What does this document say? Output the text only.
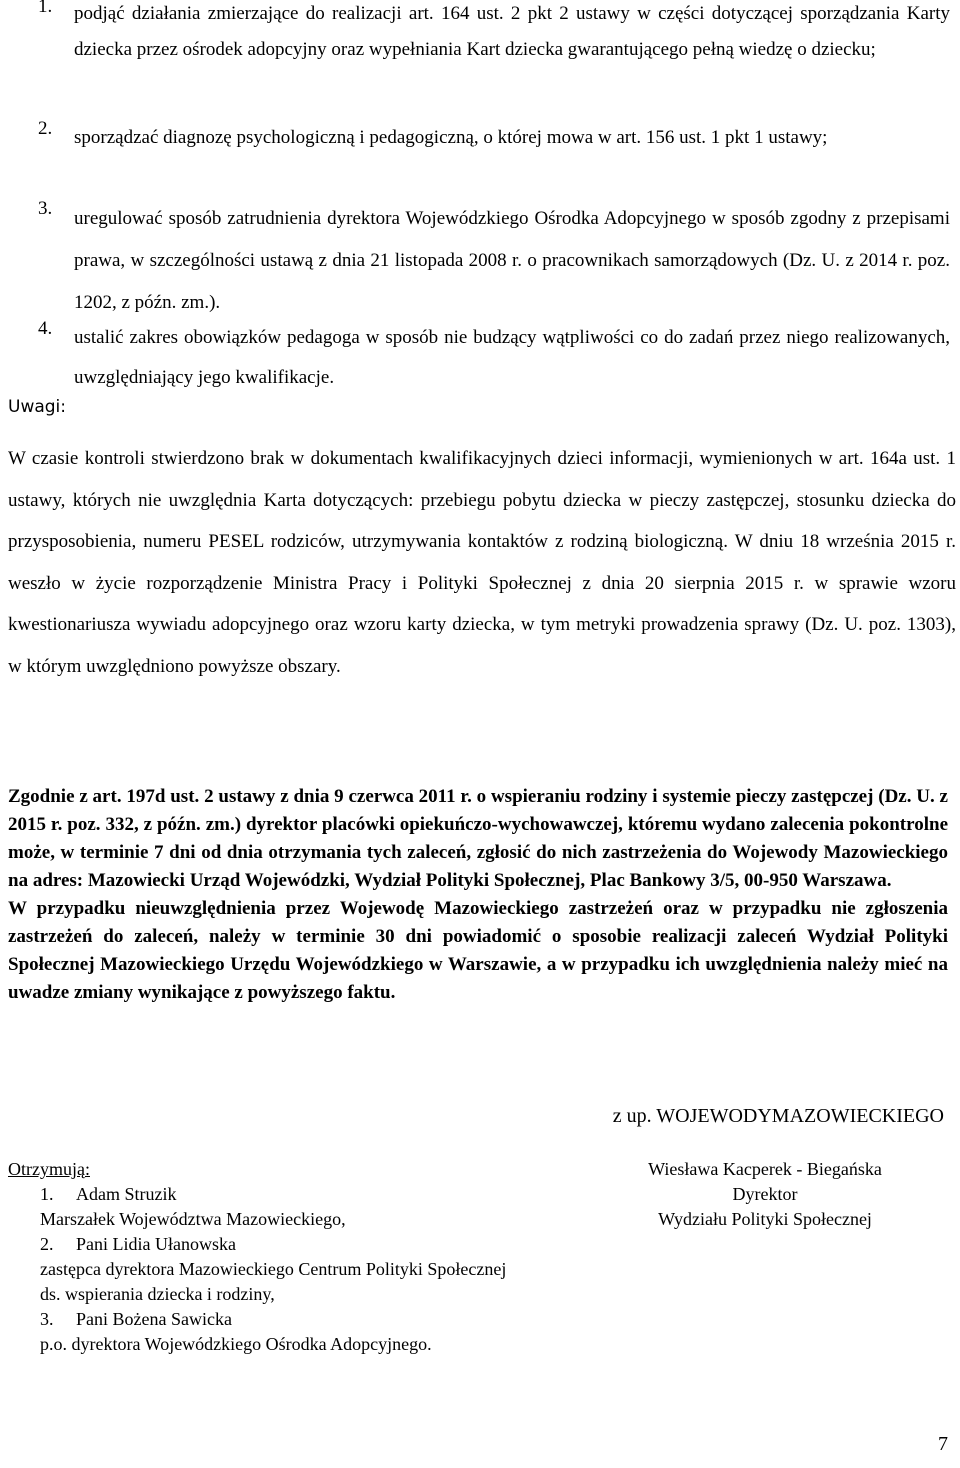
1.	podjąć działania zmierzające do realizacji art. 164 ust. 2 pkt 2 ustawy w części dotyczącej sporządzania Karty dziecka przez ośrodek adopcyjny oraz wypełniania Kart dziecka gwarantującego pełną wiedzę o dziecku;
2.	sporządzać diagnozę psychologiczną i pedagogiczną, o której mowa w art. 156 ust. 1 pkt 1 ustawy;
3.	uregulować sposób zatrudnienia dyrektora Wojewódzkiego Ośrodka Adopcyjnego w sposób zgodny z przepisami prawa, w szczególności ustawą z dnia 21 listopada 2008 r. o pracownikach samorządowych (Dz. U. z 2014 r. poz. 1202, z późn. zm.).
4.	ustalić zakres obowiązków pedagoga w sposób nie budzący wątpliwości co do zadań przez niego realizowanych, uwzględniający jego kwalifikacje.
Uwagi:
W czasie kontroli stwierdzono brak w dokumentach kwalifikacyjnych dzieci informacji, wymienionych w art. 164a ust. 1 ustawy, których nie uwzględnia Karta dotyczących: przebiegu pobytu dziecka w pieczy zastępczej, stosunku dziecka do przysposobienia, numeru PESEL rodziców, utrzymywania kontaktów z rodziną biologiczną. W dniu 18 września 2015 r. weszło w życie rozporządzenie Ministra Pracy i Polityki Społecznej z dnia 20 sierpnia 2015 r. w sprawie wzoru kwestionariusza wywiadu adopcyjnego oraz wzoru karty dziecka, w tym metryki prowadzenia sprawy (Dz. U. poz. 1303), w którym uwzględniono powyższe obszary.

Zgodnie z art. 197d ust. 2 ustawy z dnia 9 czerwca 2011 r. o wspieraniu rodziny i systemie pieczy zastępczej (Dz. U. z 2015 r. poz. 332, z późn. zm.) dyrektor placówki opiekuńczo-wychowawczej, któremu wydano zalecenia pokontrolne może, w terminie 7 dni od dnia otrzymania tych zaleceń, zgłosić do nich zastrzeżenia do Wojewody Mazowieckiego na adres: Mazowiecki Urząd Wojewódzki, Wydział Polityki Społecznej, Plac Bankowy 3/5, 00-950 Warszawa.

W przypadku nieuwzględnienia przez Wojewodę Mazowieckiego zastrzeżeń oraz w przypadku nie zgłoszenia zastrzeżeń do zaleceń, należy w terminie 30 dni powiadomić o sposobie realizacji zaleceń Wydział Polityki Społecznej Mazowieckiego Urzędu Wojewódzkiego w Warszawie, a w przypadku ich uwzględnienia należy mieć na uwadze zmiany wynikające z powyższego faktu.

z up. WOJEWODYMAZOWIECKIEGO
Otrzymują:
1. Adam Struzik
Marszałek Województwa Mazowieckiego,
2. Pani Lidia Ułanowska
zastępca dyrektora Mazowieckiego Centrum Polityki Społecznej
ds. wspierania dziecka i rodziny,
3. Pani Bożena Sawicka
p.o. dyrektora Wojewódzkiego Ośrodka Adopcyjnego.
Wiesława Kacperek - Biegańska
Dyrektor
Wydziału Polityki Społecznej
7
